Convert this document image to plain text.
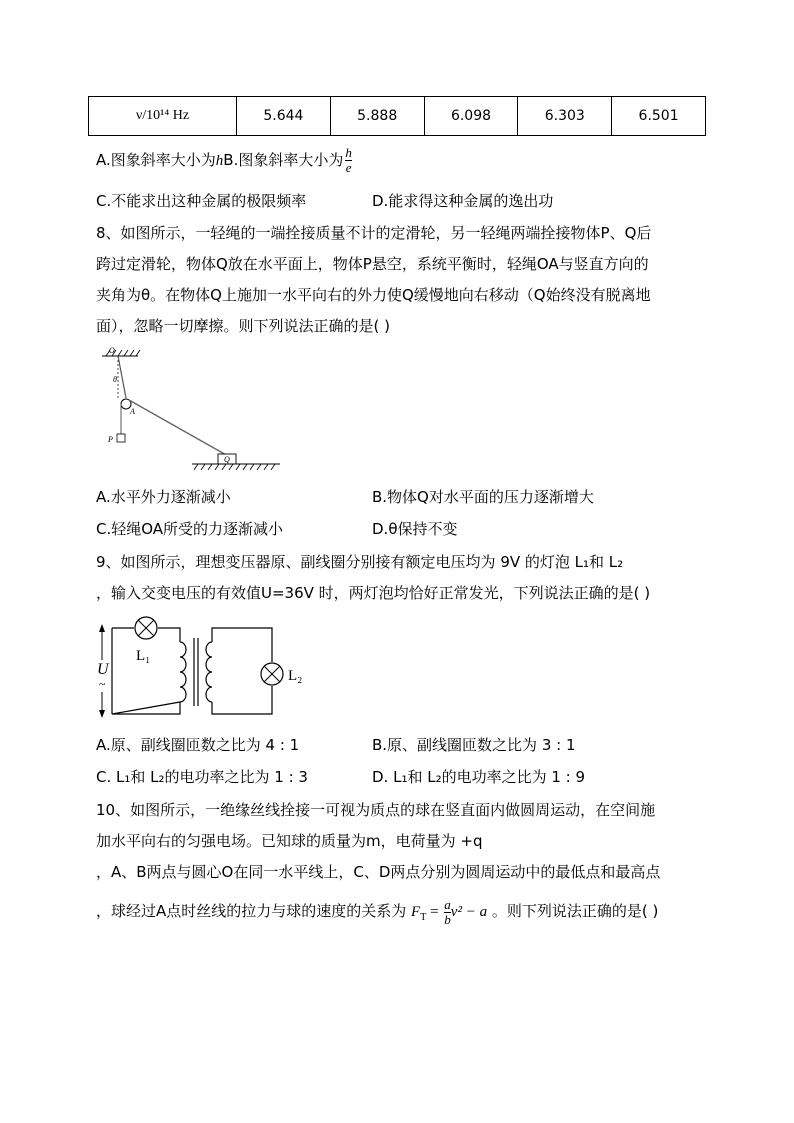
ν/10¹⁴ Hz	5.644	5.888	6.098	6.303	6.501
A.图象斜率大小为hB.图象斜率大小为 $\frac{h}{e}$
C.不能求出这种金属的极限频率	D.能求得这种金属的逸出功
8、如图所示，一轻绳的一端拴接质量不计的定滑轮，另一轻绳两端拴接物体P、Q后
跨过定滑轮，物体Q放在水平面上，物体P悬空，系统平衡时，轻绳OA与竖直方向的
夹角为θ。在物体Q上施加一水平向右的外力使Q缓慢地向右移动（Q始终没有脱离地
面），忽略一切摩擦。则下列说法正确的是( )
O
θ
A
P
Q
A.水平外力逐渐减小	B.物体Q对水平面的压力逐渐增大
C.轻绳OA所受的力逐渐减小	D.θ保持不变
9、如图所示，理想变压器原、副线圈分别接有额定电压均为 9V 的灯泡 L₁和 L₂
，输入交变电压的有效值U=36V 时，两灯泡均恰好正常发光，下列说法正确的是( )
U
~
L₁
L₂
A.原、副线圈匝数之比为 4 : 1	B.原、副线圈匝数之比为 3 : 1
C. L₁和 L₂的电功率之比为 1 : 3	D. L₁和 L₂的电功率之比为 1 : 9
10、如图所示，一绝缘丝线拴接一可视为质点的球在竖直面内做圆周运动，在空间施
加水平向右的匀强电场。已知球的质量为m，电荷量为 +q
，A、B两点与圆心O在同一水平线上，C、D两点分别为圆周运动中的最低点和最高点
，球经过A点时丝线的拉力与球的速度的关系为 $F_T = \frac{a}{b} v^2 - a$ 。则下列说法正确的是( )
